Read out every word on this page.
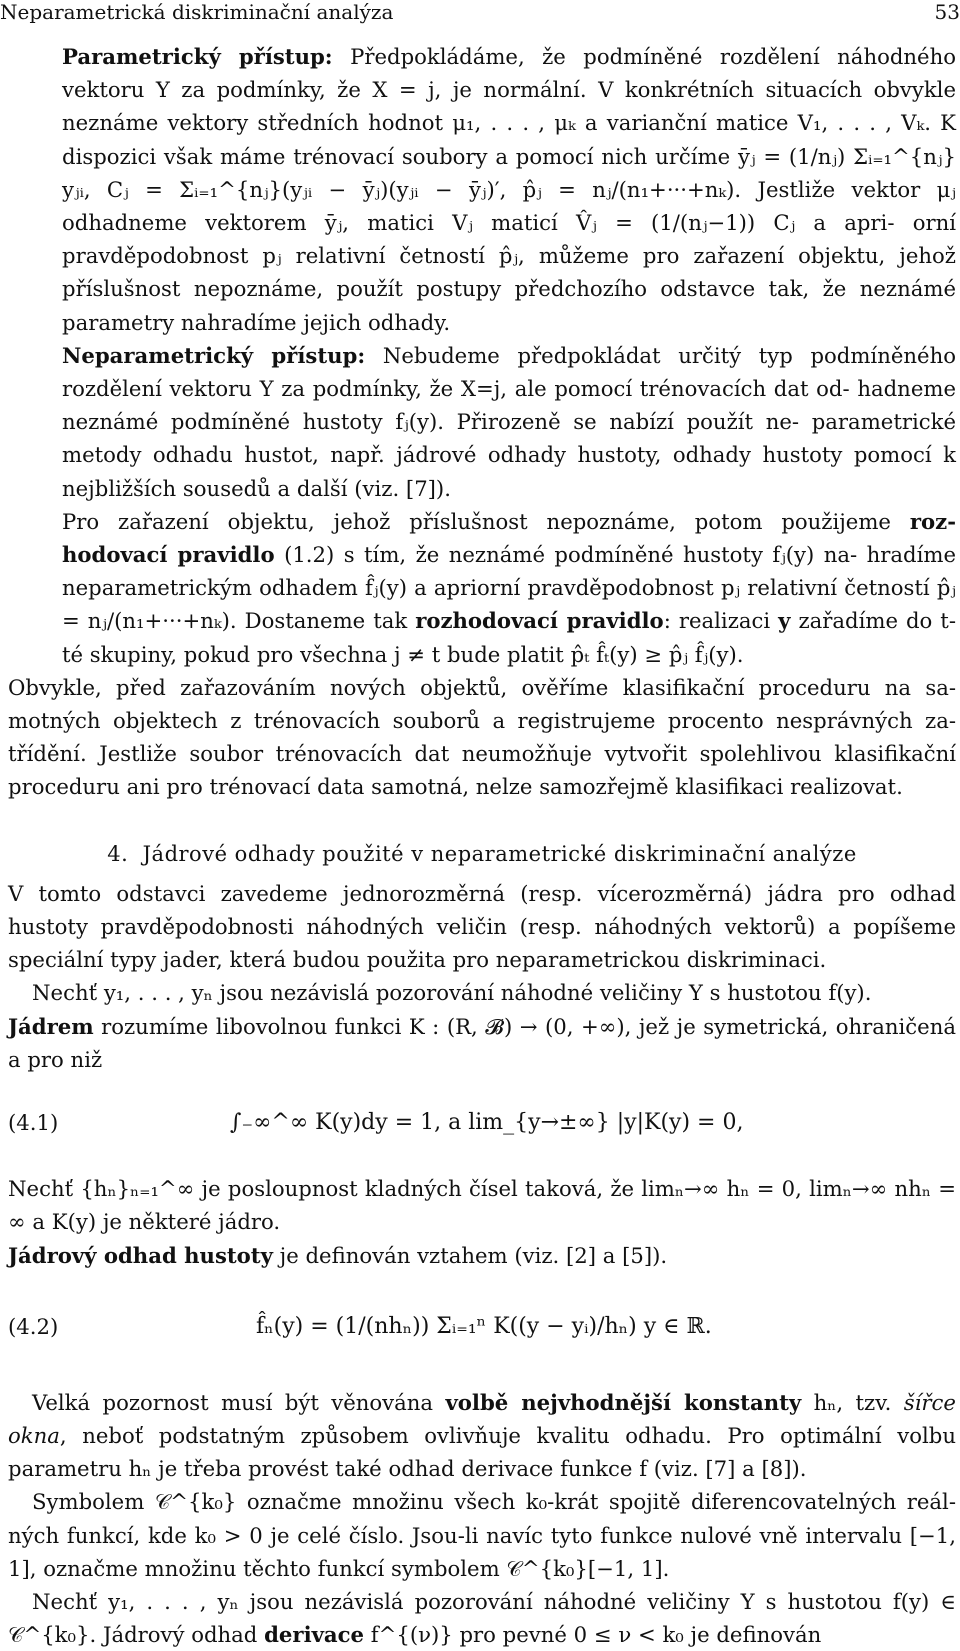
Neparametrická diskriminační analýza	53

Parametrický přístup: Předpokládáme, že podmíněné rozdělení náhodného vektoru Y za podmínky, že X = j, je normální. V konkrétních situacích obvykle neznáme vektory středních hodnot μ₁, . . . , μₖ a varianční matice V₁, . . . , Vₖ. K dispozici však máme trénovací soubory a pomocí nich určíme ȳⱼ = (1/nⱼ) Σᵢ₌₁^{nⱼ} yⱼᵢ, Cⱼ = Σᵢ₌₁^{nⱼ}(yⱼᵢ − ȳⱼ)(yⱼᵢ − ȳⱼ)′, p̂ⱼ = nⱼ/(n₁+···+nₖ). Jestliže vektor μⱼ odhadneme vektorem ȳⱼ, matici Vⱼ maticí V̂ⱼ = (1/(nⱼ−1)) Cⱼ a apri- orní pravděpodobnost pⱼ relativní četností p̂ⱼ, můžeme pro zařazení objektu, jehož příslušnost nepoznáme, použít postupy předchozího odstavce tak, že neznámé parametry nahradíme jejich odhady.

Neparametrický přístup: Nebudeme předpokládat určitý typ podmíněného rozdělení vektoru Y za podmínky, že X=j, ale pomocí trénovacích dat od- hadneme neznámé podmíněné hustoty fⱼ(y). Přirozeně se nabízí použít ne- parametrické metody odhadu hustot, např. jádrové odhady hustoty, odhady hustoty pomocí k nejbližších sousedů a další (viz. [7]).

Pro zařazení objektu, jehož příslušnost nepoznáme, potom použijeme roz- hodovací pravidlo (1.2) s tím, že neznámé podmíněné hustoty fⱼ(y) na- hradíme neparametrickým odhadem f̂ⱼ(y) a apriorní pravděpodobnost pⱼ relativní četností p̂ⱼ = nⱼ/(n₁+···+nₖ). Dostaneme tak rozhodovací pravidlo: realizaci y zařadíme do t-té skupiny, pokud pro všechna j ≠ t bude platit p̂ₜ f̂ₜ(y) ≥ p̂ⱼ f̂ⱼ(y).

Obvykle, před zařazováním nových objektů, ověříme klasifikační proceduru na sa- motných objektech z trénovacích souborů a registrujeme procento nesprávných za- třídění. Jestliže soubor trénovacích dat neumožňuje vytvořit spolehlivou klasifikační proceduru ani pro trénovací data samotná, nelze samozřejmě klasifikaci realizovat.

4. Jádrové odhady použité v neparametrické diskriminační analýze

V tomto odstavci zavedeme jednorozměrná (resp. vícerozměrná) jádra pro odhad hustoty pravděpodobnosti náhodných veličin (resp. náhodných vektorů) a popíšeme speciální typy jader, která budou použita pro neparametrickou diskriminaci.

Nechť y₁, . . . , yₙ jsou nezávislá pozorování náhodné veličiny Y s hustotou f(y).

Jádrem rozumíme libovolnou funkci K : (R, 𝓑) → (0, +∞), jež je symetrická, ohraničená a pro niž

(4.1)	∫₋∞^∞ K(y)dy = 1, a lim_{y→±∞} |y|K(y) = 0,

Nechť {hₙ}ₙ₌₁^∞ je posloupnost kladných čísel taková, že limₙ→∞ hₙ = 0, limₙ→∞ nhₙ = ∞ a K(y) je některé jádro.

Jádrový odhad hustoty je definován vztahem (viz. [2] a [5]).

(4.2)	f̂ₙ(y) = (1/(nhₙ)) Σᵢ₌₁ⁿ K((y − yᵢ)/hₙ) y ∈ ℝ.

Velká pozornost musí být věnována volbě nejvhodnější konstanty hₙ, tzv. šířce okna, neboť podstatným způsobem ovlivňuje kvalitu odhadu. Pro optimální volbu parametru hₙ je třeba provést také odhad derivace funkce f (viz. [7] a [8]).

Symbolem 𝒞^{k₀} označme množinu všech k₀-krát spojitě diferencovatelných reál- ných funkcí, kde k₀ > 0 je celé číslo. Jsou-li navíc tyto funkce nulové vně intervalu [−1, 1], označme množinu těchto funkcí symbolem 𝒞^{k₀}[−1, 1].

Nechť y₁, . . . , yₙ jsou nezávislá pozorování náhodné veličiny Y s hustotou f(y) ∈ 𝒞^{k₀}. Jádrový odhad derivace f^{(ν)} pro pevné 0 ≤ ν < k₀ je definován
